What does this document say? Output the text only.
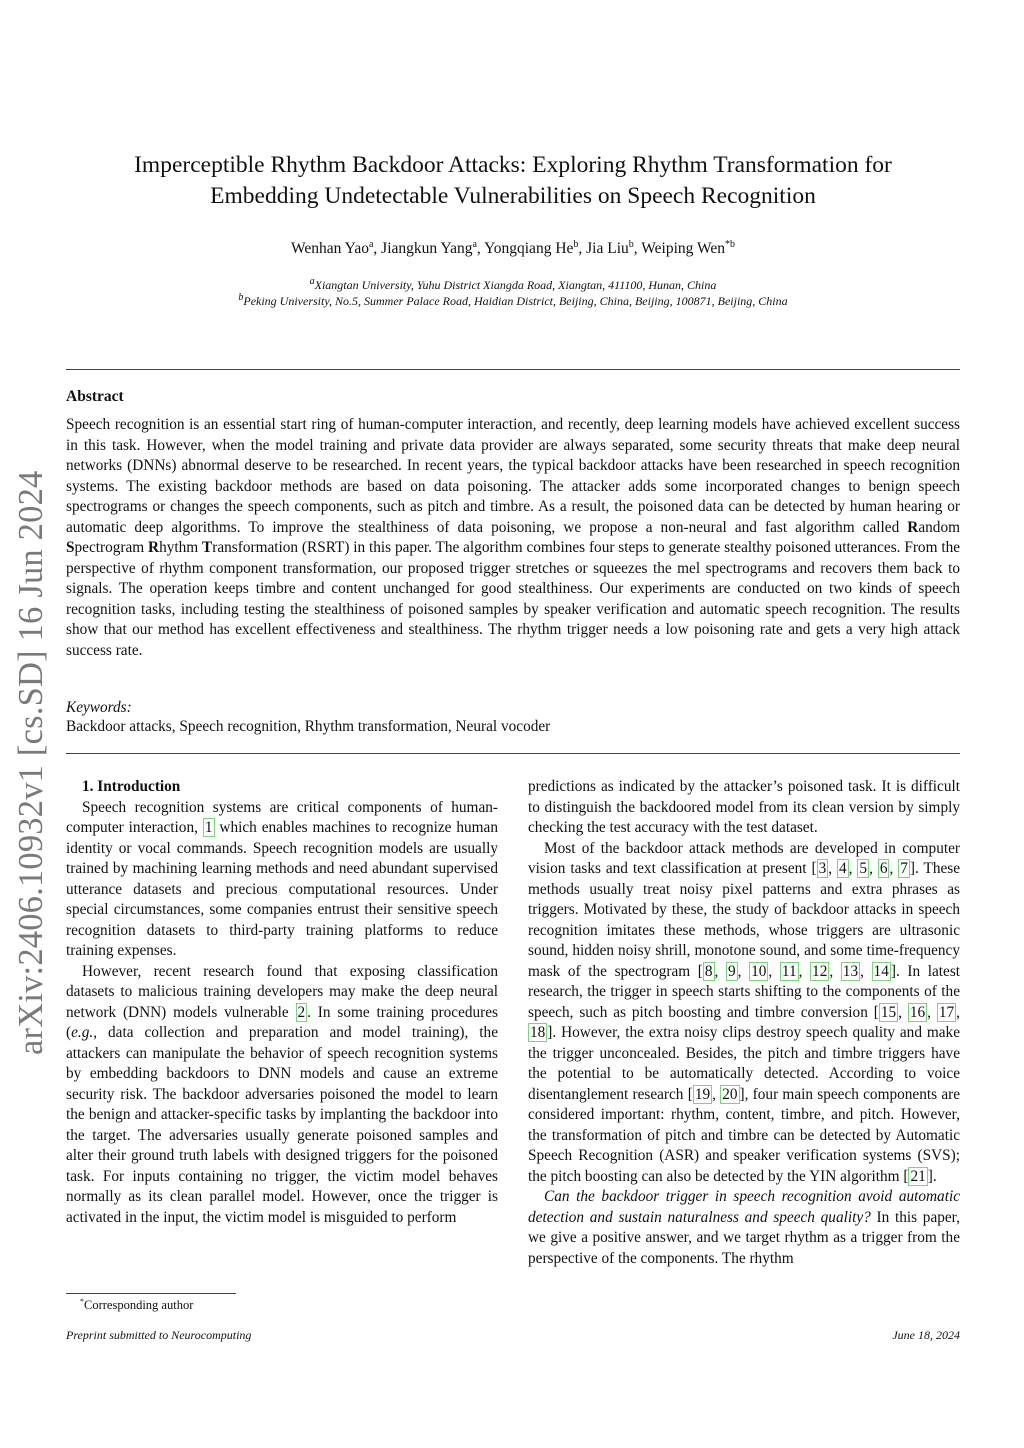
arXiv:2406.10932v1 [cs.SD] 16 Jun 2024
Imperceptible Rhythm Backdoor Attacks: Exploring Rhythm Transformation for
Embedding Undetectable Vulnerabilities on Speech Recognition
Wenhan Yao$^a$, Jiangkun Yang$^a$, Yongqiang He$^b$, Jia Liu$^b$, Weiping Wen$^{*b}$
$^a$Xiangtan University, Yuhu District Xiangda Road, Xiangtan, 411100, Hunan, China
$^b$Peking University, No.5, Summer Palace Road, Haidian District, Beijing, China, Beijing, 100871, Beijing, China
Abstract
Speech recognition is an essential start ring of human-computer interaction, and recently, deep learning models have achieved excellent success in this task. However, when the model training and private data provider are always separated, some security threats that make deep neural networks (DNNs) abnormal deserve to be researched. In recent years, the typical backdoor attacks have been researched in speech recognition systems. The existing backdoor methods are based on data poisoning. The attacker adds some incorporated changes to benign speech spectrograms or changes the speech components, such as pitch and timbre. As a result, the poisoned data can be detected by human hearing or automatic deep algorithms. To improve the stealthiness of data poisoning, we propose a non-neural and fast algorithm called Random Spectrogram Rhythm Transformation (RSRT) in this paper. The algorithm combines four steps to generate stealthy poisoned utterances. From the perspective of rhythm component transformation, our proposed trigger stretches or squeezes the mel spectrograms and recovers them back to signals. The operation keeps timbre and content unchanged for good stealthiness. Our experiments are conducted on two kinds of speech recognition tasks, including testing the stealthiness of poisoned samples by speaker verification and automatic speech recognition. The results show that our method has excellent effectiveness and stealthiness. The rhythm trigger needs a low poisoning rate and gets a very high attack success rate.
Keywords:
Backdoor attacks, Speech recognition, Rhythm transformation, Neural vocoder

1. Introduction

Speech recognition systems are critical components of human-computer interaction, 1 which enables machines to recognize human identity or vocal commands. Speech recognition models are usually trained by machining learning methods and need abundant supervised utterance datasets and precious computational resources. Under special circumstances, some companies entrust their sensitive speech recognition datasets to third-party training platforms to reduce training expenses.

However, recent research found that exposing classification datasets to malicious training developers may make the deep neural network (DNN) models vulnerable 2 . In some training procedures (e.g., data collection and preparation and model training), the attackers can manipulate the behavior of speech recognition systems by embedding backdoors to DNN models and cause an extreme security risk. The backdoor adversaries poisoned the model to learn the benign and attacker-specific tasks by implanting the backdoor into the target. The adversaries usually generate poisoned samples and alter their ground truth labels with designed triggers for the poisoned task. For inputs containing no trigger, the victim model behaves normally as its clean parallel model. However, once the trigger is activated in the input, the victim model is misguided to perform

predictions as indicated by the attacker’s poisoned task. It is difficult to distinguish the backdoored model from its clean version by simply checking the test accuracy with the test dataset.

Most of the backdoor attack methods are developed in computer vision tasks and text classification at present [ 3 , 4 , 5 , 6 , 7 ]. These methods usually treat noisy pixel patterns and extra phrases as triggers. Motivated by these, the study of backdoor attacks in speech recognition imitates these methods, whose triggers are ultrasonic sound, hidden noisy shrill, monotone sound, and some time-frequency mask of the spectrogram [ 8 , 9 , 10 , 11 , 12 , 13 , 14 ]. In latest research, the trigger in speech starts shifting to the components of the speech, such as pitch boosting and timbre conversion [ 15 , 16 , 17 , 18 ]. However, the extra noisy clips destroy speech quality and make the trigger unconcealed. Besides, the pitch and timbre triggers have the potential to be automatically detected. According to voice disentanglement research [ 19 , 20 ], four main speech components are considered important: rhythm, content, timbre, and pitch. However, the transformation of pitch and timbre can be detected by Automatic Speech Recognition (ASR) and speaker verification systems (SVS); the pitch boosting can also be detected by the YIN algorithm [ 21 ].

Can the backdoor trigger in speech recognition avoid automatic detection and sustain naturalness and speech quality? In this paper, we give a positive answer, and we target rhythm as a trigger from the perspective of the components. The rhythm

*Corresponding author
Preprint submitted to Neurocomputing	June 18, 2024
